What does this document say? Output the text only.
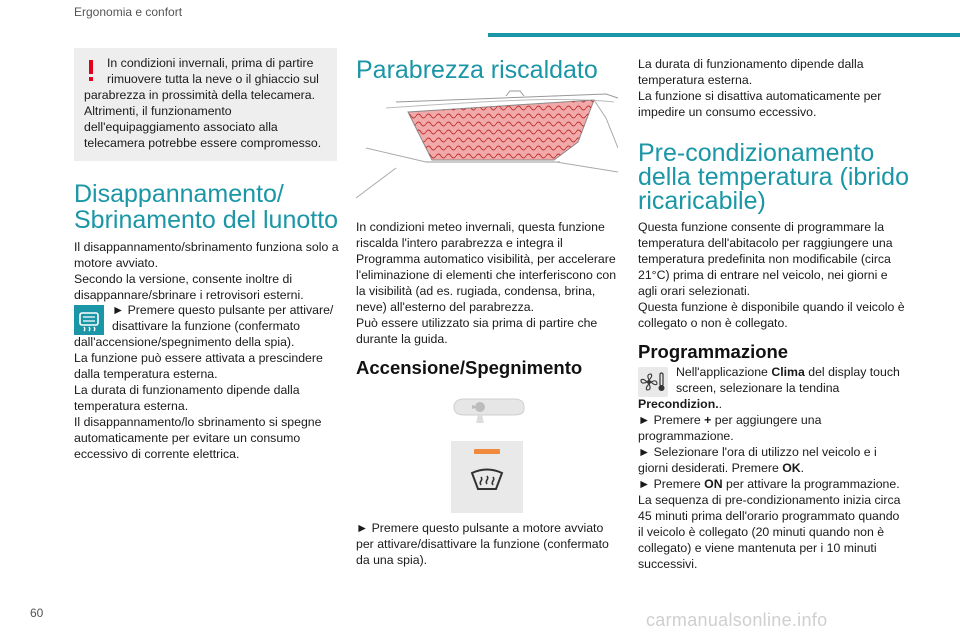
Ergonomia e confort
60	carmanualsonline.info
In condizioni invernali, prima di partire
rimuovere tutta la neve o il ghiaccio sul
parabrezza in prossimità della telecamera.
Altrimenti, il funzionamento
dell'equipaggiamento associato alla
telecamera potrebbe essere compromesso.
Disappannamento/
Sbrinamento del lunotto
Il disappannamento/sbrinamento funziona solo a
motore avviato.
Secondo la versione, consente inoltre di
disappannare/sbrinare i retrovisori esterni.
► Premere questo pulsante per attivare/
disattivare la funzione (confermato
dall'accensione/spegnimento della spia).
La funzione può essere attivata a prescindere
dalla temperatura esterna.
La durata di funzionamento dipende dalla
temperatura esterna.
Il disappannamento/lo sbrinamento si spegne
automaticamente per evitare un consumo
eccessivo di corrente elettrica.
Parabrezza riscaldato
In condizioni meteo invernali, questa funzione
riscalda l'intero parabrezza e integra il
Programma automatico visibilità, per accelerare
l'eliminazione di elementi che interferiscono con
la visibilità (ad es. rugiada, condensa, brina,
neve) all'esterno del parabrezza.
Può essere utilizzato sia prima di partire che
durante la guida.
Accensione/Spegnimento
► Premere questo pulsante a motore avviato
per attivare/disattivare la funzione (confermato
da una spia).
La durata di funzionamento dipende dalla
temperatura esterna.
La funzione si disattiva automaticamente per
impedire un consumo eccessivo.
Pre-condizionamento
della temperatura (ibrido
ricaricabile)
Questa funzione consente di programmare la
temperatura dell'abitacolo per raggiungere una
temperatura predefinita non modificabile (circa
21°C) prima di entrare nel veicolo, nei giorni e
agli orari selezionati.
Questa funzione è disponibile quando il veicolo è
collegato o non è collegato.
Programmazione
Nell'applicazione Clima del display touch
screen, selezionare la tendina
Precondizion..
► Premere + per aggiungere una
programmazione.
► Selezionare l'ora di utilizzo nel veicolo e i
giorni desiderati. Premere OK.
► Premere ON per attivare la programmazione.
La sequenza di pre-condizionamento inizia circa
45 minuti prima dell'orario programmato quando
il veicolo è collegato (20 minuti quando non è
collegato) e viene mantenuta per i 10 minuti
successivi.
